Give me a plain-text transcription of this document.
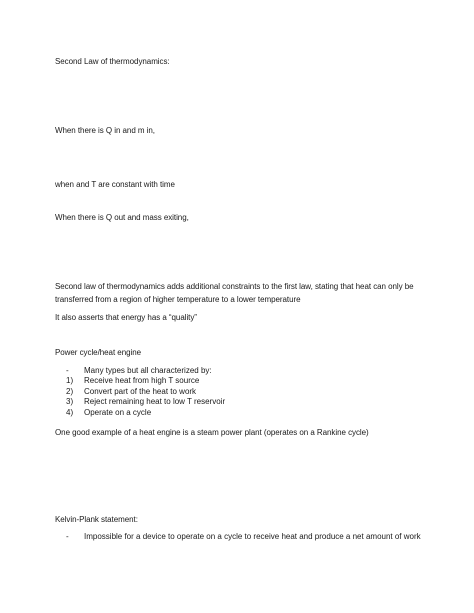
Second Law of thermodynamics:
When there is Q in and m in,
when and T are constant with time
When there is Q out and mass exiting,
Second law of thermodynamics adds additional constraints to the first law, stating that heat can only be
transferred from a region of higher temperature to a lower temperature
It also asserts that energy has a “quality”
Power cycle/heat engine
- Many types but all characterized by:
1) Receive heat from high T source
2) Convert part of the heat to work
3) Reject remaining heat to low T reservoir
4) Operate on a cycle
One good example of a heat engine is a steam power plant (operates on a Rankine cycle)
Kelvin-Plank statement:
- Impossible for a device to operate on a cycle to receive heat and produce a net amount of work
